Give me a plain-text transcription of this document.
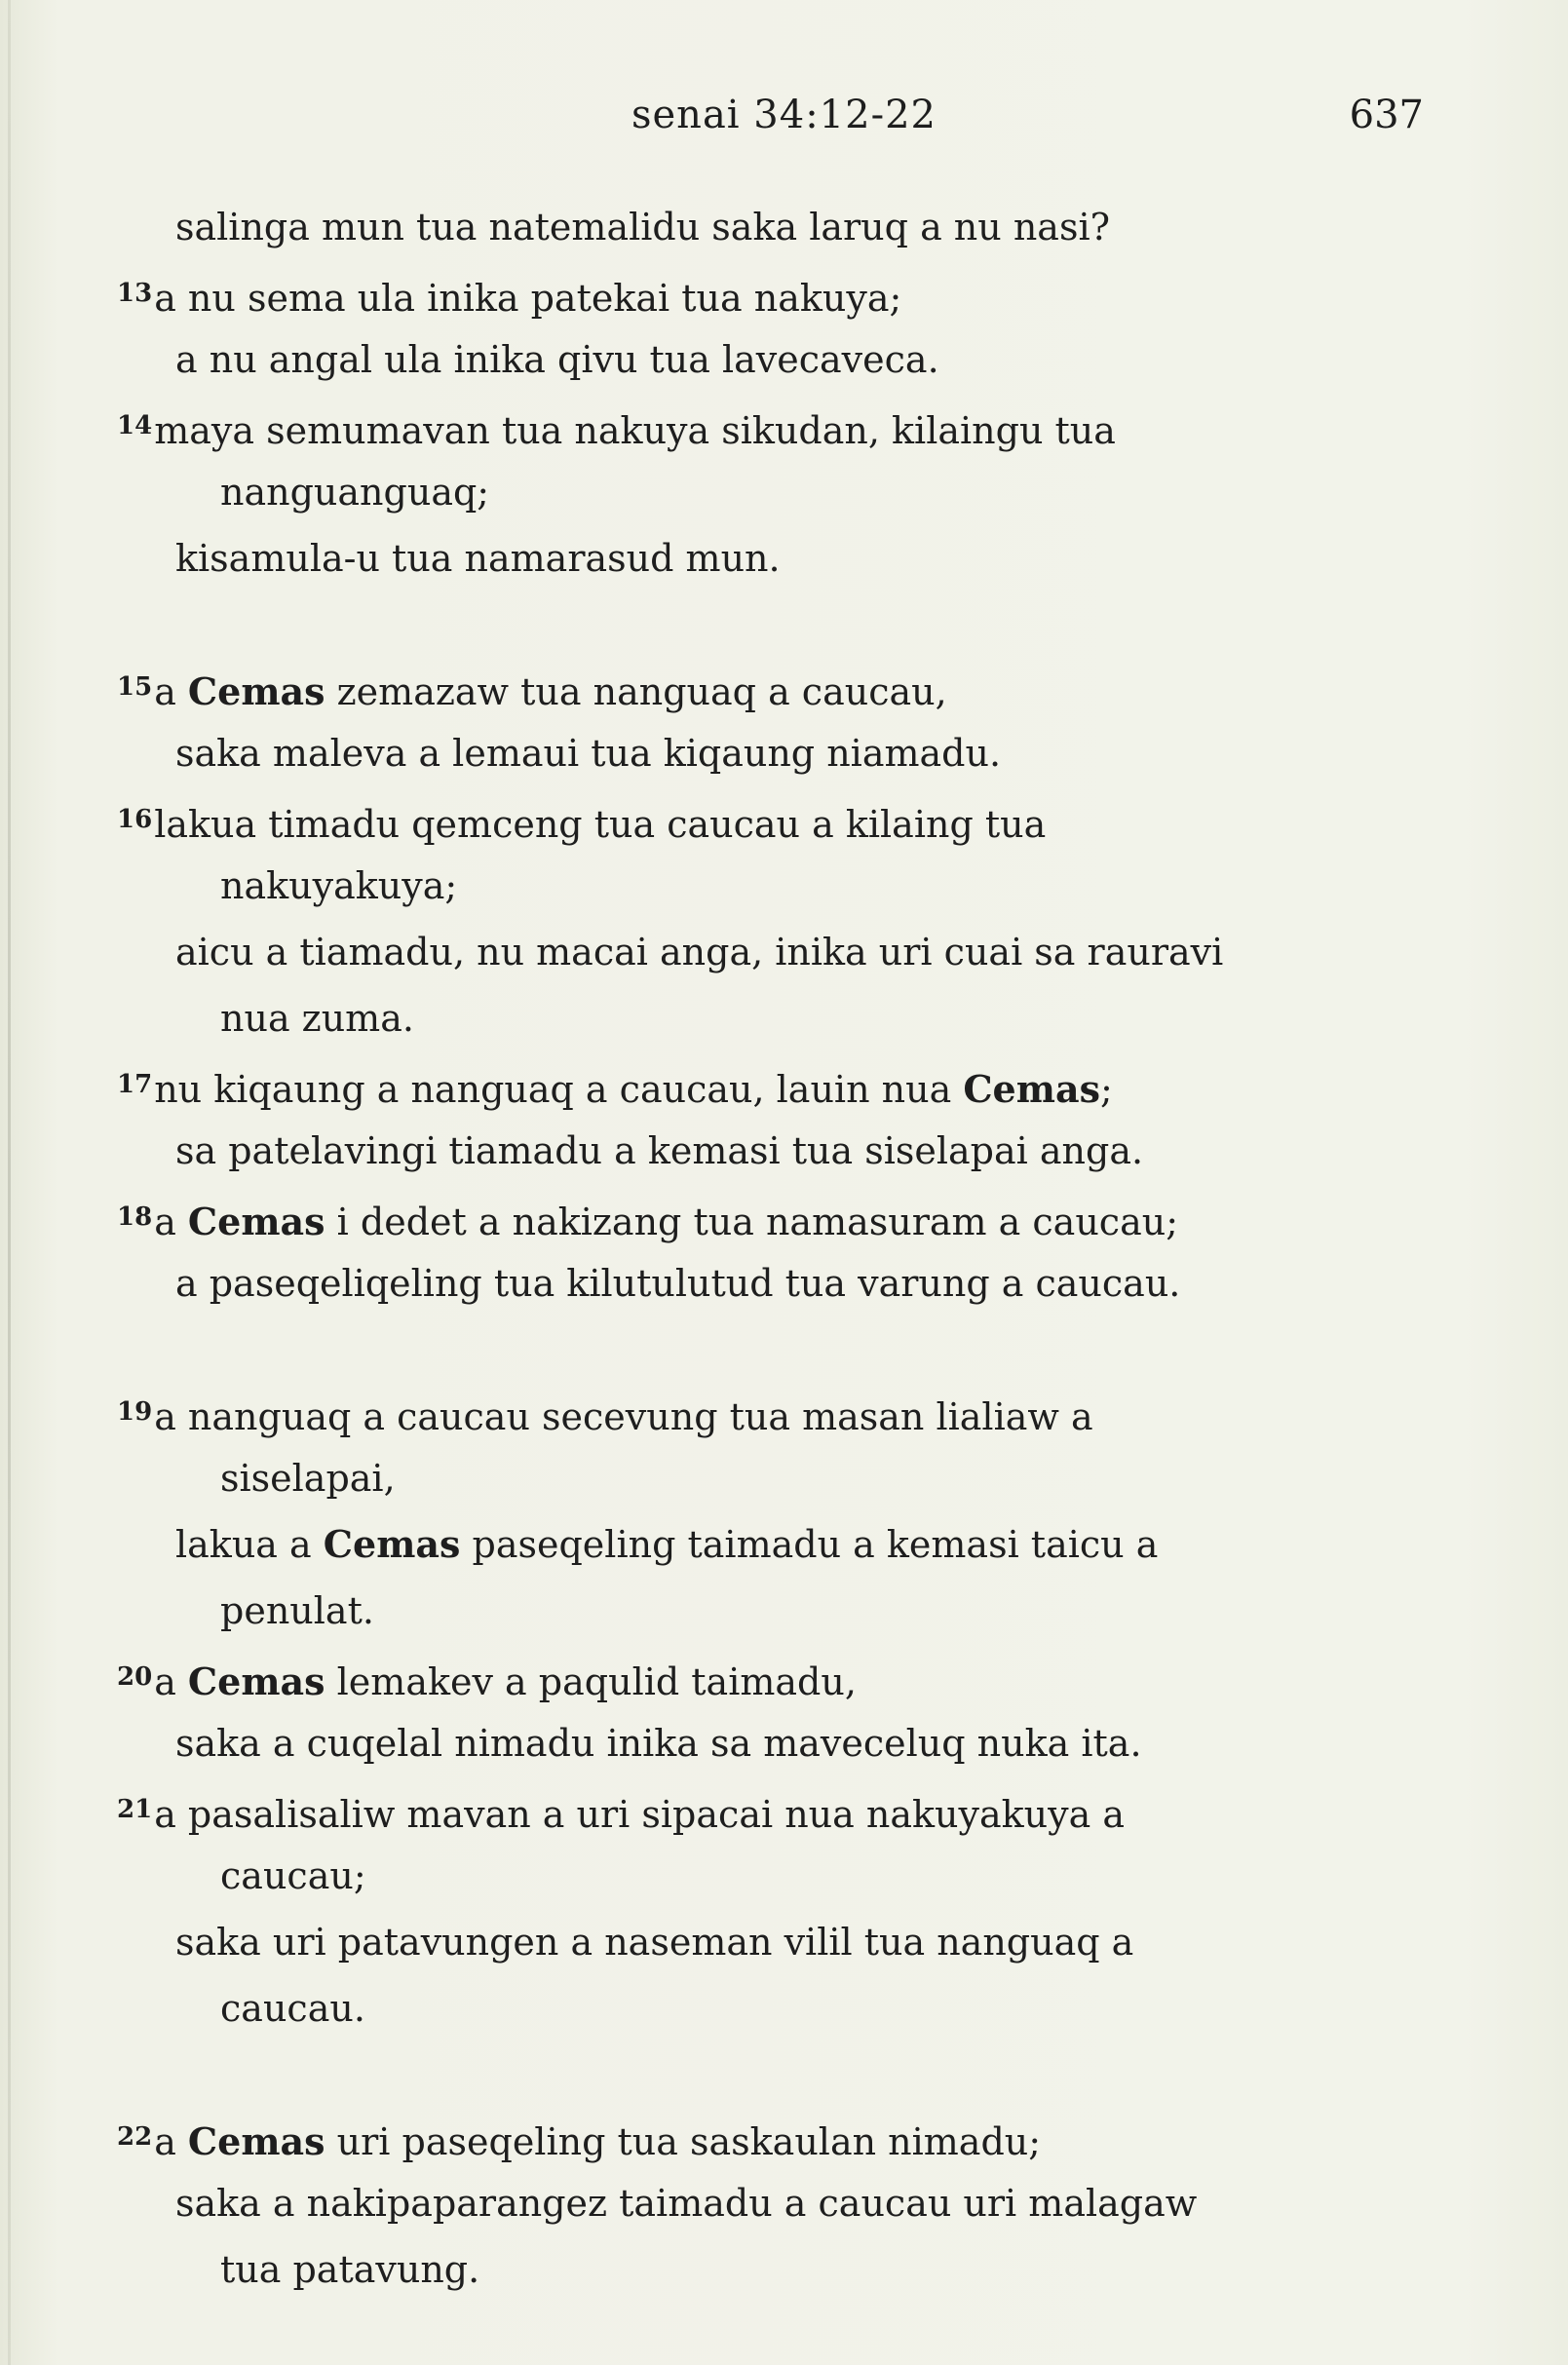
senai 34:12-22	637
salinga mun tua natemalidu saka laruq a nu nasi?
$^{13}$a nu sema ula inika patekai tua nakuya;
a nu angal ula inika qivu tua lavecaveca.
$^{14}$maya semumavan tua nakuya sikudan, kilaingu tua
nanguanguaq;
kisamula-u tua namarasud mun.
$^{15}$a Cemas zemazaw tua nanguaq a caucau,
saka maleva a lemaui tua kiqaung niamadu.
$^{16}$lakua timadu qemceng tua caucau a kilaing tua
nakuyakuya;
aicu a tiamadu, nu macai anga, inika uri cuai sa rauravi
nua zuma.
$^{17}$nu kiqaung a nanguaq a caucau, lauin nua Cemas;
sa patelavingi tiamadu a kemasi tua siselapai anga.
$^{18}$a Cemas i dedet a nakizang tua namasuram a caucau;
a paseqeliqeling tua kilutulutud tua varung a caucau.
$^{19}$a nanguaq a caucau secevung tua masan lialiaw a
siselapai,
lakua a Cemas paseqeling taimadu a kemasi taicu a
penulat.
$^{20}$a Cemas lemakev a paqulid taimadu,
saka a cuqelal nimadu inika sa maveceluq nuka ita.
$^{21}$a pasalisaliw mavan a uri sipacai nua nakuyakuya a
caucau;
saka uri patavungen a naseman vilil tua nanguaq a
caucau.
$^{22}$a Cemas uri paseqeling tua saskaulan nimadu;
saka a nakipaparangez taimadu a caucau uri malagaw
tua patavung.
